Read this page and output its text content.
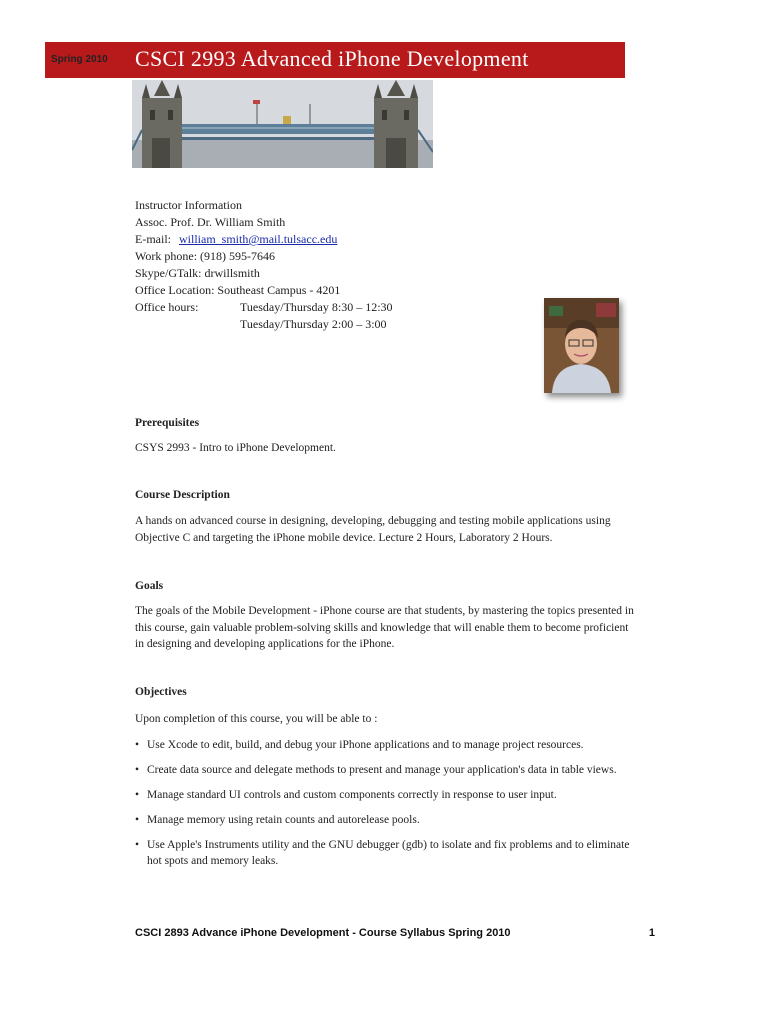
Spring 2010 CSCI 2993 Advanced iPhone Development
Instructor Information
Assoc. Prof. Dr. William Smith
E-mail: william_smith@mail.tulsacc.edu
Work phone: (918) 595-7646
Skype/GTalk: drwillsmith
Office Location: Southeast Campus - 4201
Office hours:	Tuesday/Thursday 8:30 – 12:30
Tuesday/Thursday 2:00 – 3:00
Prerequisites
CSYS 2993 - Intro to iPhone Development.
Course Description
A hands on advanced course in designing, developing, debugging and testing mobile applications using Objective C and targeting the iPhone mobile device. Lecture 2 Hours, Laboratory 2 Hours.
Goals
The goals of the Mobile Development - iPhone course are that students, by mastering the topics presented in this course, gain valuable problem-solving skills and knowledge that will enable them to become proficient in designing and developing applications for the iPhone.
Objectives
Upon completion of this course, you will be able to :
• Use Xcode to edit, build, and debug your iPhone applications and to manage project resources.
• Create data source and delegate methods to present and manage your application's data in table views.
• Manage standard UI controls and custom components correctly in response to user input.
• Manage memory using retain counts and autorelease pools.
• Use Apple's Instruments utility and the GNU debugger (gdb) to isolate and fix problems and to eliminate hot spots and memory leaks.
CSCI 2893 Advance iPhone Development - Course Syllabus Spring 2010	1
